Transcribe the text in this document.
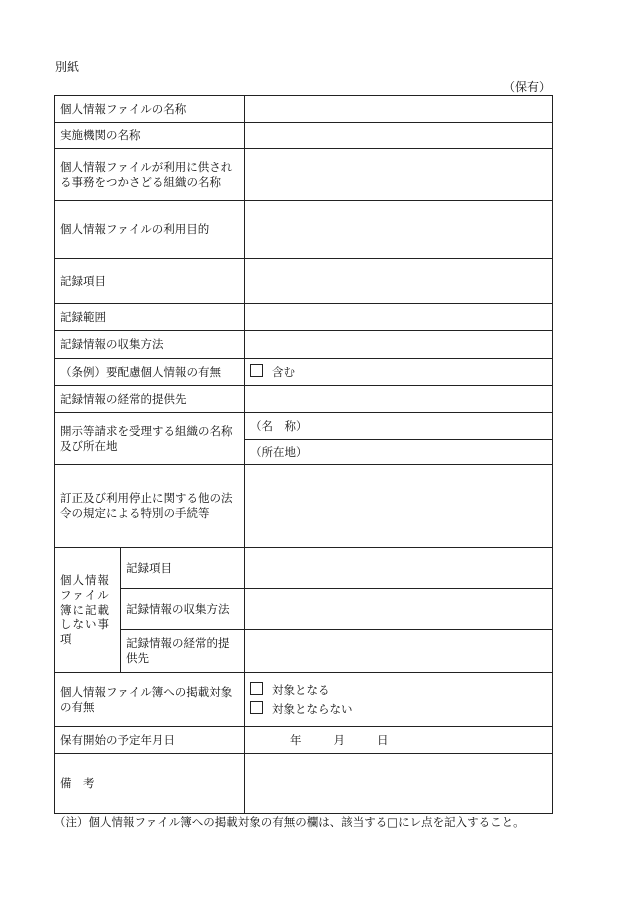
別紙
（保有）
個人情報ファイルの名称		
実施機関の名称		
個人情報ファイルが利用に供される事務をつかさどる組織の名称		
個人情報ファイルの利用目的		
記録項目		
記録範囲		
記録情報の収集方法		
（条例）要配慮個人情報の有無		含む
記録情報の経常的提供先		
開示等請求を受理する組織の名称及び所在地		（名　称）
		（所在地）
訂正及び利用停止に関する他の法令の規定による特別の手続等		
個人情報ファイル簿に記載しない事項	記録項目	
	記録情報の収集方法	
	記録情報の経常的提供先	
個人情報ファイル簿への掲載対象の有無		対象となる
対象とならない

保有開始の予定年月日		年 月 日
備　考		
（注）個人情報ファイル簿への掲載対象の有無の欄は、該当する□にレ点を記入すること。
